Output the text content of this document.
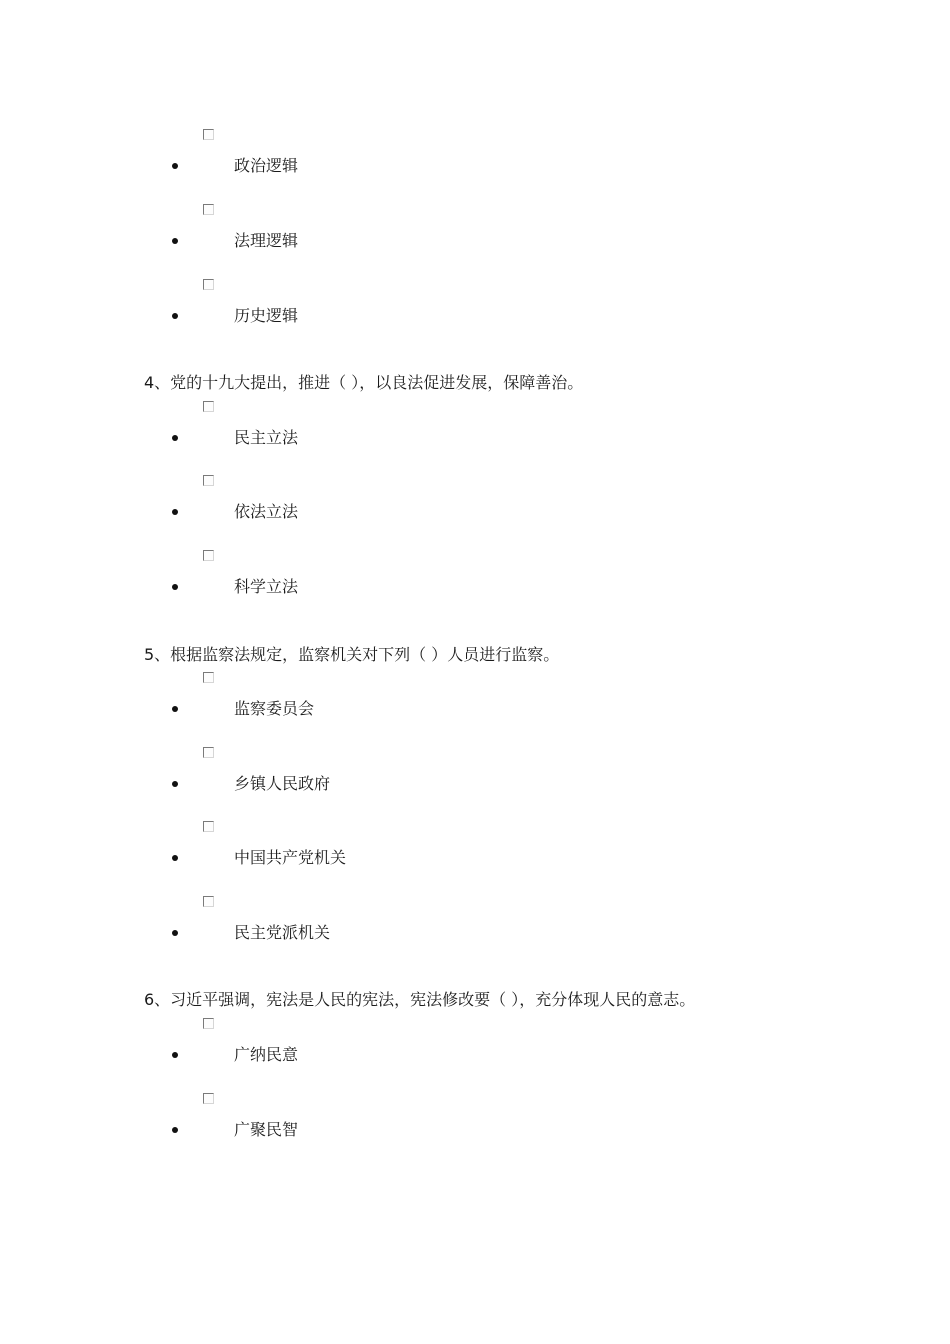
政治逻辑
法理逻辑
历史逻辑
4、党的十九大提出，推进（ ），以良法促进发展，保障善治。
民主立法
依法立法
科学立法
5、根据监察法规定，监察机关对下列（ ）人员进行监察。
监察委员会
乡镇人民政府
中国共产党机关
民主党派机关
6、习近平强调，宪法是人民的宪法，宪法修改要（ ），充分体现人民的意志。
广纳民意
广聚民智
